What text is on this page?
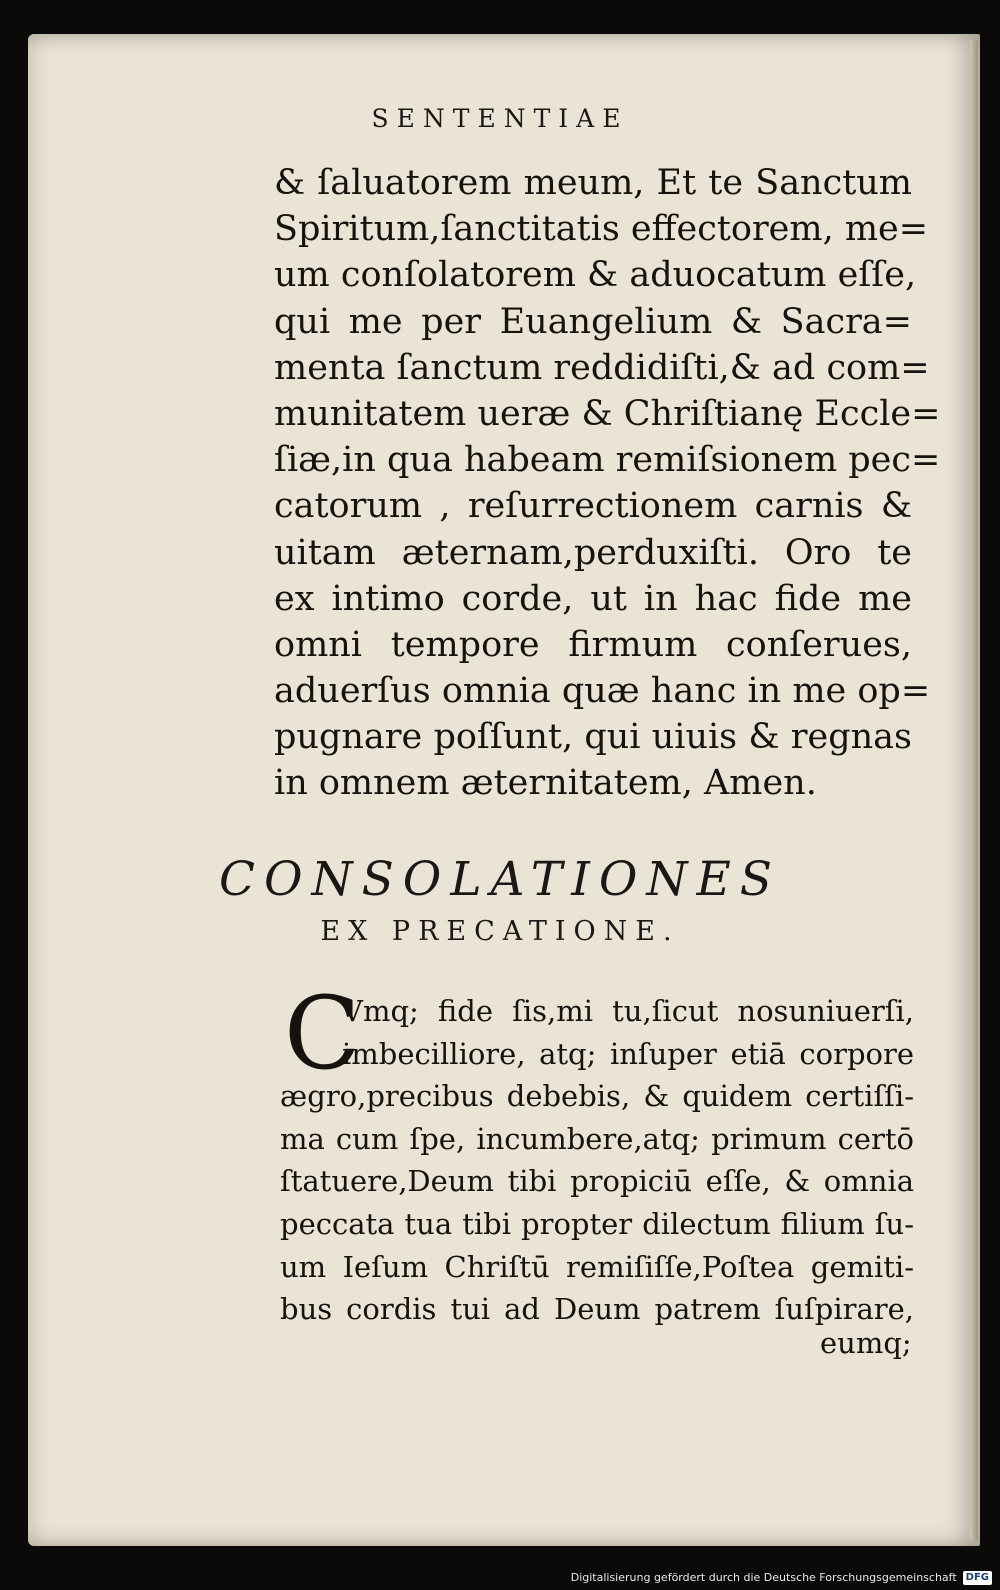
SENTENTIAE
& ſaluatorem meum, Et te Sanctum
Spiritum,ſanctitatis effectorem, me=
um conſolatorem & aduocatum eſſe,
qui me per Euangelium & Sacra=
menta ſanctum reddidiſti,& ad com=
munitatem ueræ & Chriſtianę Eccle=
ſiæ,in qua habeam remiſsionem pec=
catorum , reſurrectionem carnis &
uitam æternam,perduxiſti. Oro te
ex intimo corde, ut in hac fide me
omni tempore firmum conſerues,
aduerſus omnia quæ hanc in me op=
pugnare poſſunt, qui uiuis & regnas
in omnem æternitatem, Amen.
CONSOLATIONES
EX PRECATIONE.
C
Vmq; fide ſis,mi tu,ſicut nosuniuerſi,
imbecilliore, atq; inſuper etiā corpore
ægro,precibus debebis, & quidem certiſſi-
ma cum ſpe, incumbere,atq; primum certō
ſtatuere,Deum tibi propiciū eſſe, & omnia
peccata tua tibi propter dilectum filium ſu-
um Ieſum Chriſtū remiſiſſe,Poſtea gemiti-
bus cordis tui ad Deum patrem ſuſpirare,
eumq;
Digitalisierung gefördert durch die Deutsche Forschungsgemeinschaft DFG
